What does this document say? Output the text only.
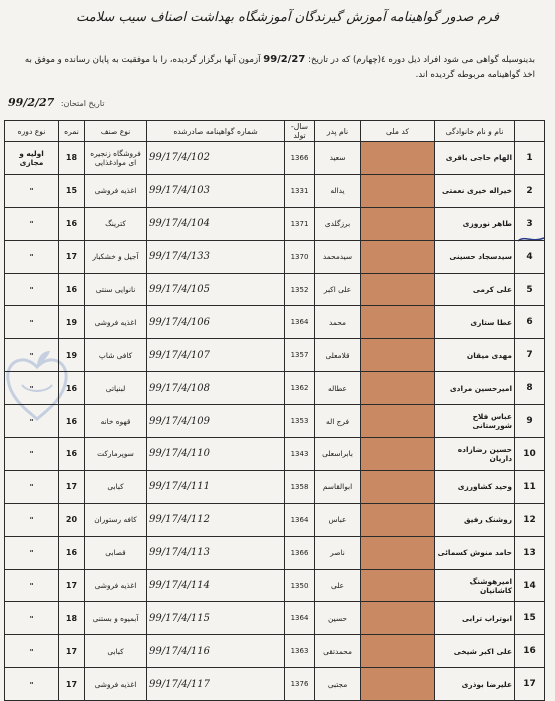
فرم صدور گواهینامه آموزش گیرندگان آموزشگاه بهداشت اصناف سیب سلامت
بدینوسیله گواهی می شود افراد ذیل دوره ٤(چهارم) که در تاریخ: 99/2/27 آزمون آنها برگزار گردیده، را با موفقیت به پایان رسانده و موفق به اخذ گواهینامه مربوطه گردیده اند.
تاریخ امتحان: 99/2/27
نوع دوره	نمره	نوع صنف	شماره گواهینامه صادرشده	سال- تولد	نام پدر	کد ملی	نام و نام خانوادگی	
اولیه و مجازی	18	فروشگاه زنجیره ای موادغذایی	99/17/4/102	1366	سعید		الهام حاجی باقری	1
"	15	اغذیه فروشی	99/17/4/103	1331	یداله		خیراله خیری نعمتی	2
"	16	کترینگ	99/17/4/104	1371	برزگلدی		طاهر نوروزی	3
"	17	آجیل و خشکبار	99/17/4/133	1370	سیدمحمد		سیدسجاد حسینی	4
"	16	نانوایی سنتی	99/17/4/105	1352	علی اکبر		علی کرمی	5
"	19	اغذیه فروشی	99/17/4/106	1364	محمد		عطا ستاری	6
"	19	کافی شاپ	99/17/4/107	1357	قلامعلی		مهدی میقان	7
"	16	لبنیاتی	99/17/4/108	1362	عطاله		امیرحسین مرادی	8
"	16	قهوه خانه	99/17/4/109	1353	فرج اله		عباس فلاح شورستانی	9
"	16	سوپرمارکت	99/17/4/110	1343	بابراسعلی		حسین رضازاده داریان	10
"	17	کبابی	99/17/4/111	1358	ابوالقاسم		وحید کشاورزی	11
"	20	کافه رستوران	99/17/4/112	1364	عباس		روشنک رفیق	12
"	16	قصابی	99/17/4/113	1366	ناصر		حامد منوش کسمائی	13
"	17	اغذیه فروشی	99/17/4/114	1350	علی		امیرهوشنگ کاشانیان	14
"	18	آبمیوه و بستنی	99/17/4/115	1364	حسین		ابوتراب ترابی	15
"	17	کبابی	99/17/4/116	1363	محمدتقی		علی اکبر شیخی	16
"	17	اغذیه فروشی	99/17/4/117	1376	مجتبی		علیرضا بوذری	17
